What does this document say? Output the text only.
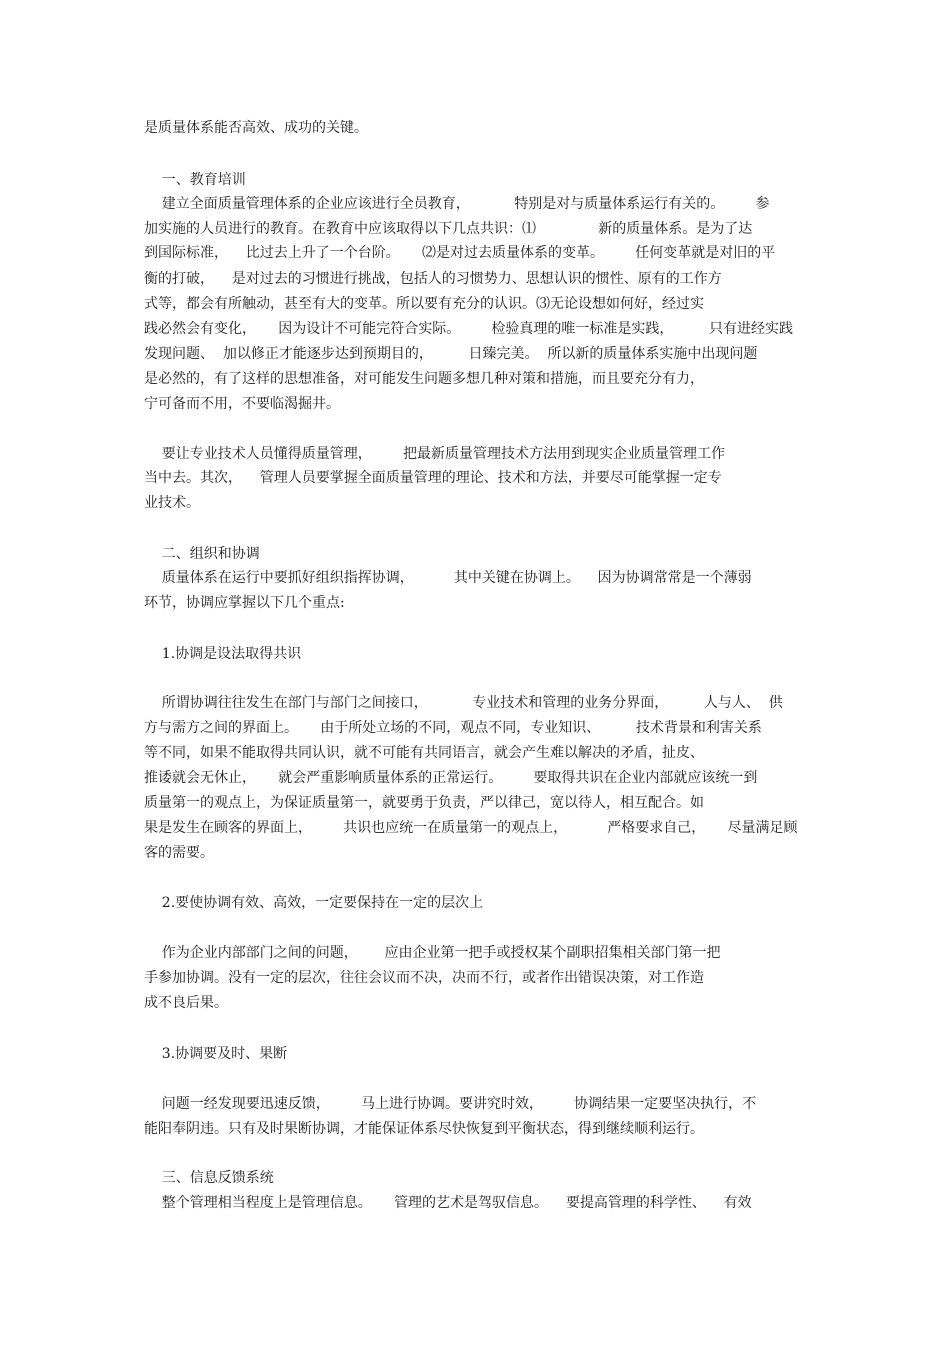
是质量体系能否高效、成功的关键。
一、教育培训
建立全面质量管理体系的企业应该进行全员教育，          特别是对与质量体系运行有关的。       参
加实施的人员进行的教育。在教育中应该取得以下几点共识：⑴              新的质量体系。是为了达
到国际标准，    比过去上升了一个台阶。     ⑵是对过去质量体系的变革。       任何变革就是对旧的平
衡的打破，    是对过去的习惯进行挑战，包括人的习惯势力、思想认识的惯性、原有的工作方
式等，都会有所触动，甚至有大的变革。所以要有充分的认识。⑶无论设想如何好，经过实
践必然会有变化，     因为设计不可能完符合实际。       检验真理的唯一标准是实践，        只有进经实践
发现问题、  加以修正才能逐步达到预期目的，        日臻完美。  所以新的质量体系实施中出现问题
是必然的，有了这样的思想准备，对可能发生问题多想几种对策和措施，而且要充分有力，
宁可备而不用，不要临渴掘井。
要让专业技术人员懂得质量管理，       把最新质量管理技术方法用到现实企业质量管理工作
当中去。其次，    管理人员要掌握全面质量管理的理论、技术和方法，并要尽可能掌握一定专
业技术。
二、组织和协调
质量体系在运行中要抓好组织指挥协调，         其中关键在协调上。    因为协调常常是一个薄弱
环节，协调应掌握以下几个重点:
1.协调是设法取得共识
所谓协调往往发生在部门与部门之间接口，          专业技术和管理的业务分界面，        人与人、  供
方与需方之间的界面上。     由于所处立场的不同，观点不同，专业知识、        技术背景和利害关系
等不同，如果不能取得共同认识，就不可能有共同语言，就会产生难以解决的矛盾，扯皮、
推诿就会无休止，     就会严重影响质量体系的正常运行。       要取得共识在企业内部就应该统一到
质量第一的观点上，为保证质量第一，就要勇于负责，严以律己，宽以待人，相互配合。如
果是发生在顾客的界面上，       共识也应统一在质量第一的观点上，         严格要求自己，     尽量满足顾
客的需要。
2.要使协调有效、高效，一定要保持在一定的层次上
作为企业内部部门之间的问题，      应由企业第一把手或授权某个副职招集相关部门第一把
手参加协调。没有一定的层次，往往会议而不决，决而不行，或者作出错误决策，对工作造
成不良后果。
3.协调要及时、果断
问题一经发现要迅速反馈，       马上进行协调。要讲究时效，       协调结果一定要坚决执行，不
能阳奉阴违。只有及时果断协调，才能保证体系尽快恢复到平衡状态，得到继续顺利运行。
三、信息反馈系统
整个管理相当程度上是管理信息。     管理的艺术是驾驭信息。    要提高管理的科学性、    有效
